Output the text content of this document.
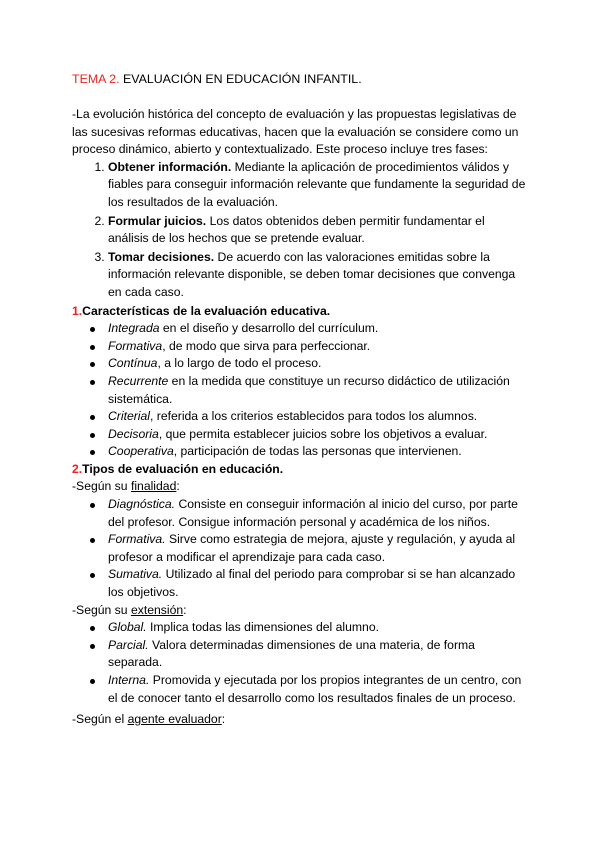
TEMA 2. EVALUACIÓN EN EDUCACIÓN INFANTIL.

-La evolución histórica del concepto de evaluación y las propuestas legislativas de las sucesivas reformas educativas, hacen que la evaluación se considere como un proceso dinámico, abierto y contextualizado. Este proceso incluye tres fases:

1. Obtener información. Mediante la aplicación de procedimientos válidos y fiables para conseguir información relevante que fundamente la seguridad de los resultados de la evaluación.
2. Formular juicios. Los datos obtenidos deben permitir fundamentar el análisis de los hechos que se pretende evaluar.
3. Tomar decisiones. De acuerdo con las valoraciones emitidas sobre la información relevante disponible, se deben tomar decisiones que convenga en cada caso.

1.Características de la evaluación educativa.

Integrada en el diseño y desarrollo del currículum.
Formativa, de modo que sirva para perfeccionar.
Contínua, a lo largo de todo el proceso.
Recurrente en la medida que constituye un recurso didáctico de utilización sistemática.
Criterial, referida a los criterios establecidos para todos los alumnos.
Decisoria, que permita establecer juicios sobre los objetivos a evaluar.
Cooperativa, participación de todas las personas que intervienen.

2.Tipos de evaluación en educación.

-Según su finalidad:

Diagnóstica. Consiste en conseguir información al inicio del curso, por parte del profesor. Consigue información personal y académica de los niños.
Formativa. Sirve como estrategia de mejora, ajuste y regulación, y ayuda al profesor a modificar el aprendizaje para cada caso.
Sumativa. Utilizado al final del periodo para comprobar si se han alcanzado los objetivos.

-Según su extensión:

Global. Implica todas las dimensiones del alumno.
Parcial. Valora determinadas dimensiones de una materia, de forma separada.
Interna. Promovida y ejecutada por los propios integrantes de un centro, con el de conocer tanto el desarrollo como los resultados finales de un proceso.

-Según el agente evaluador:
